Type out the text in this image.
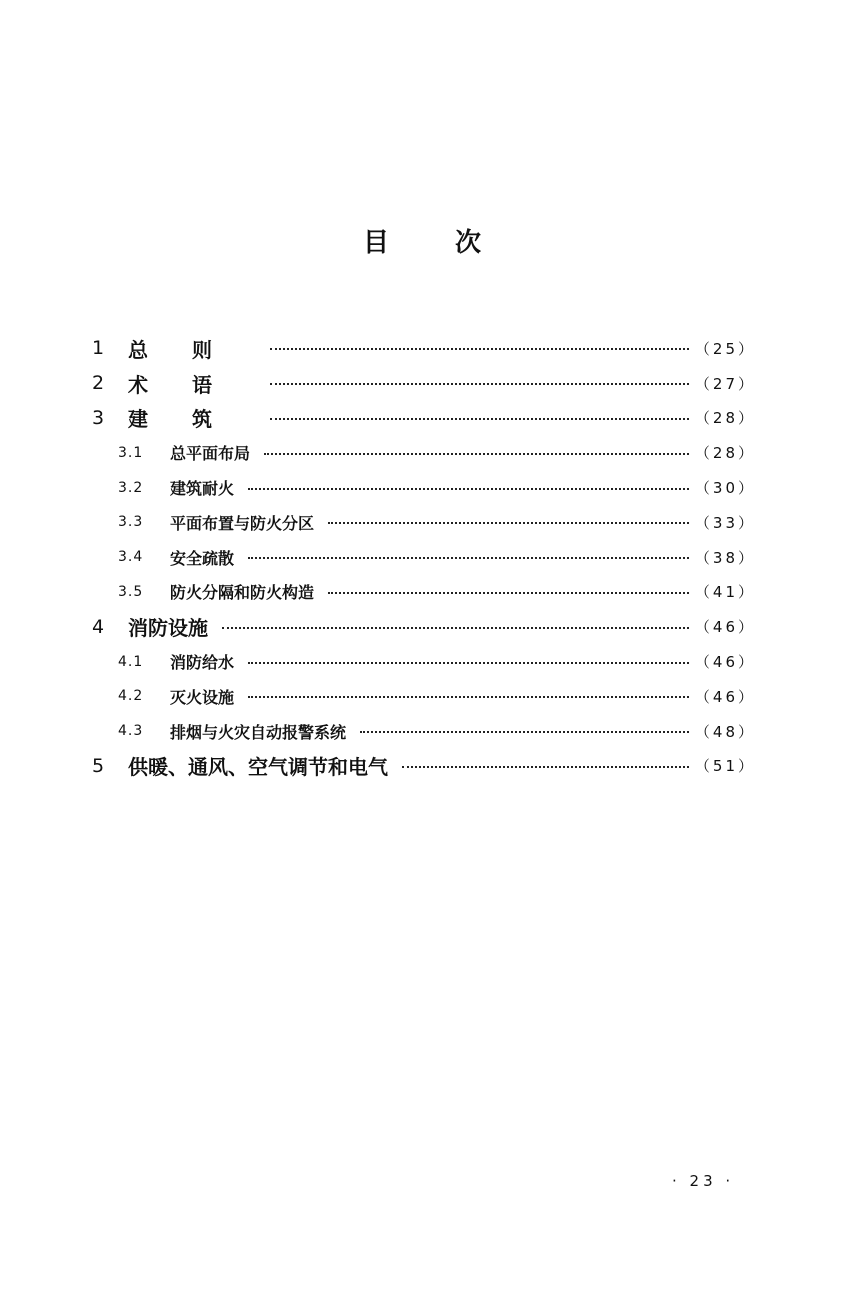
目	次
1	总则	（25）
2	术语	（27）
3	建筑	（28）
3.1	总平面布局	（28）
3.2	建筑耐火	（30）
3.3	平面布置与防火分区	（33）
3.4	安全疏散	（38）
3.5	防火分隔和防火构造	（41）
4	消防设施	（46）
4.1	消防给水	（46）
4.2	灭火设施	（46）
4.3	排烟与火灾自动报警系统	（48）
5	供暖、通风、空气调节和电气	（51）
· 23 ·
